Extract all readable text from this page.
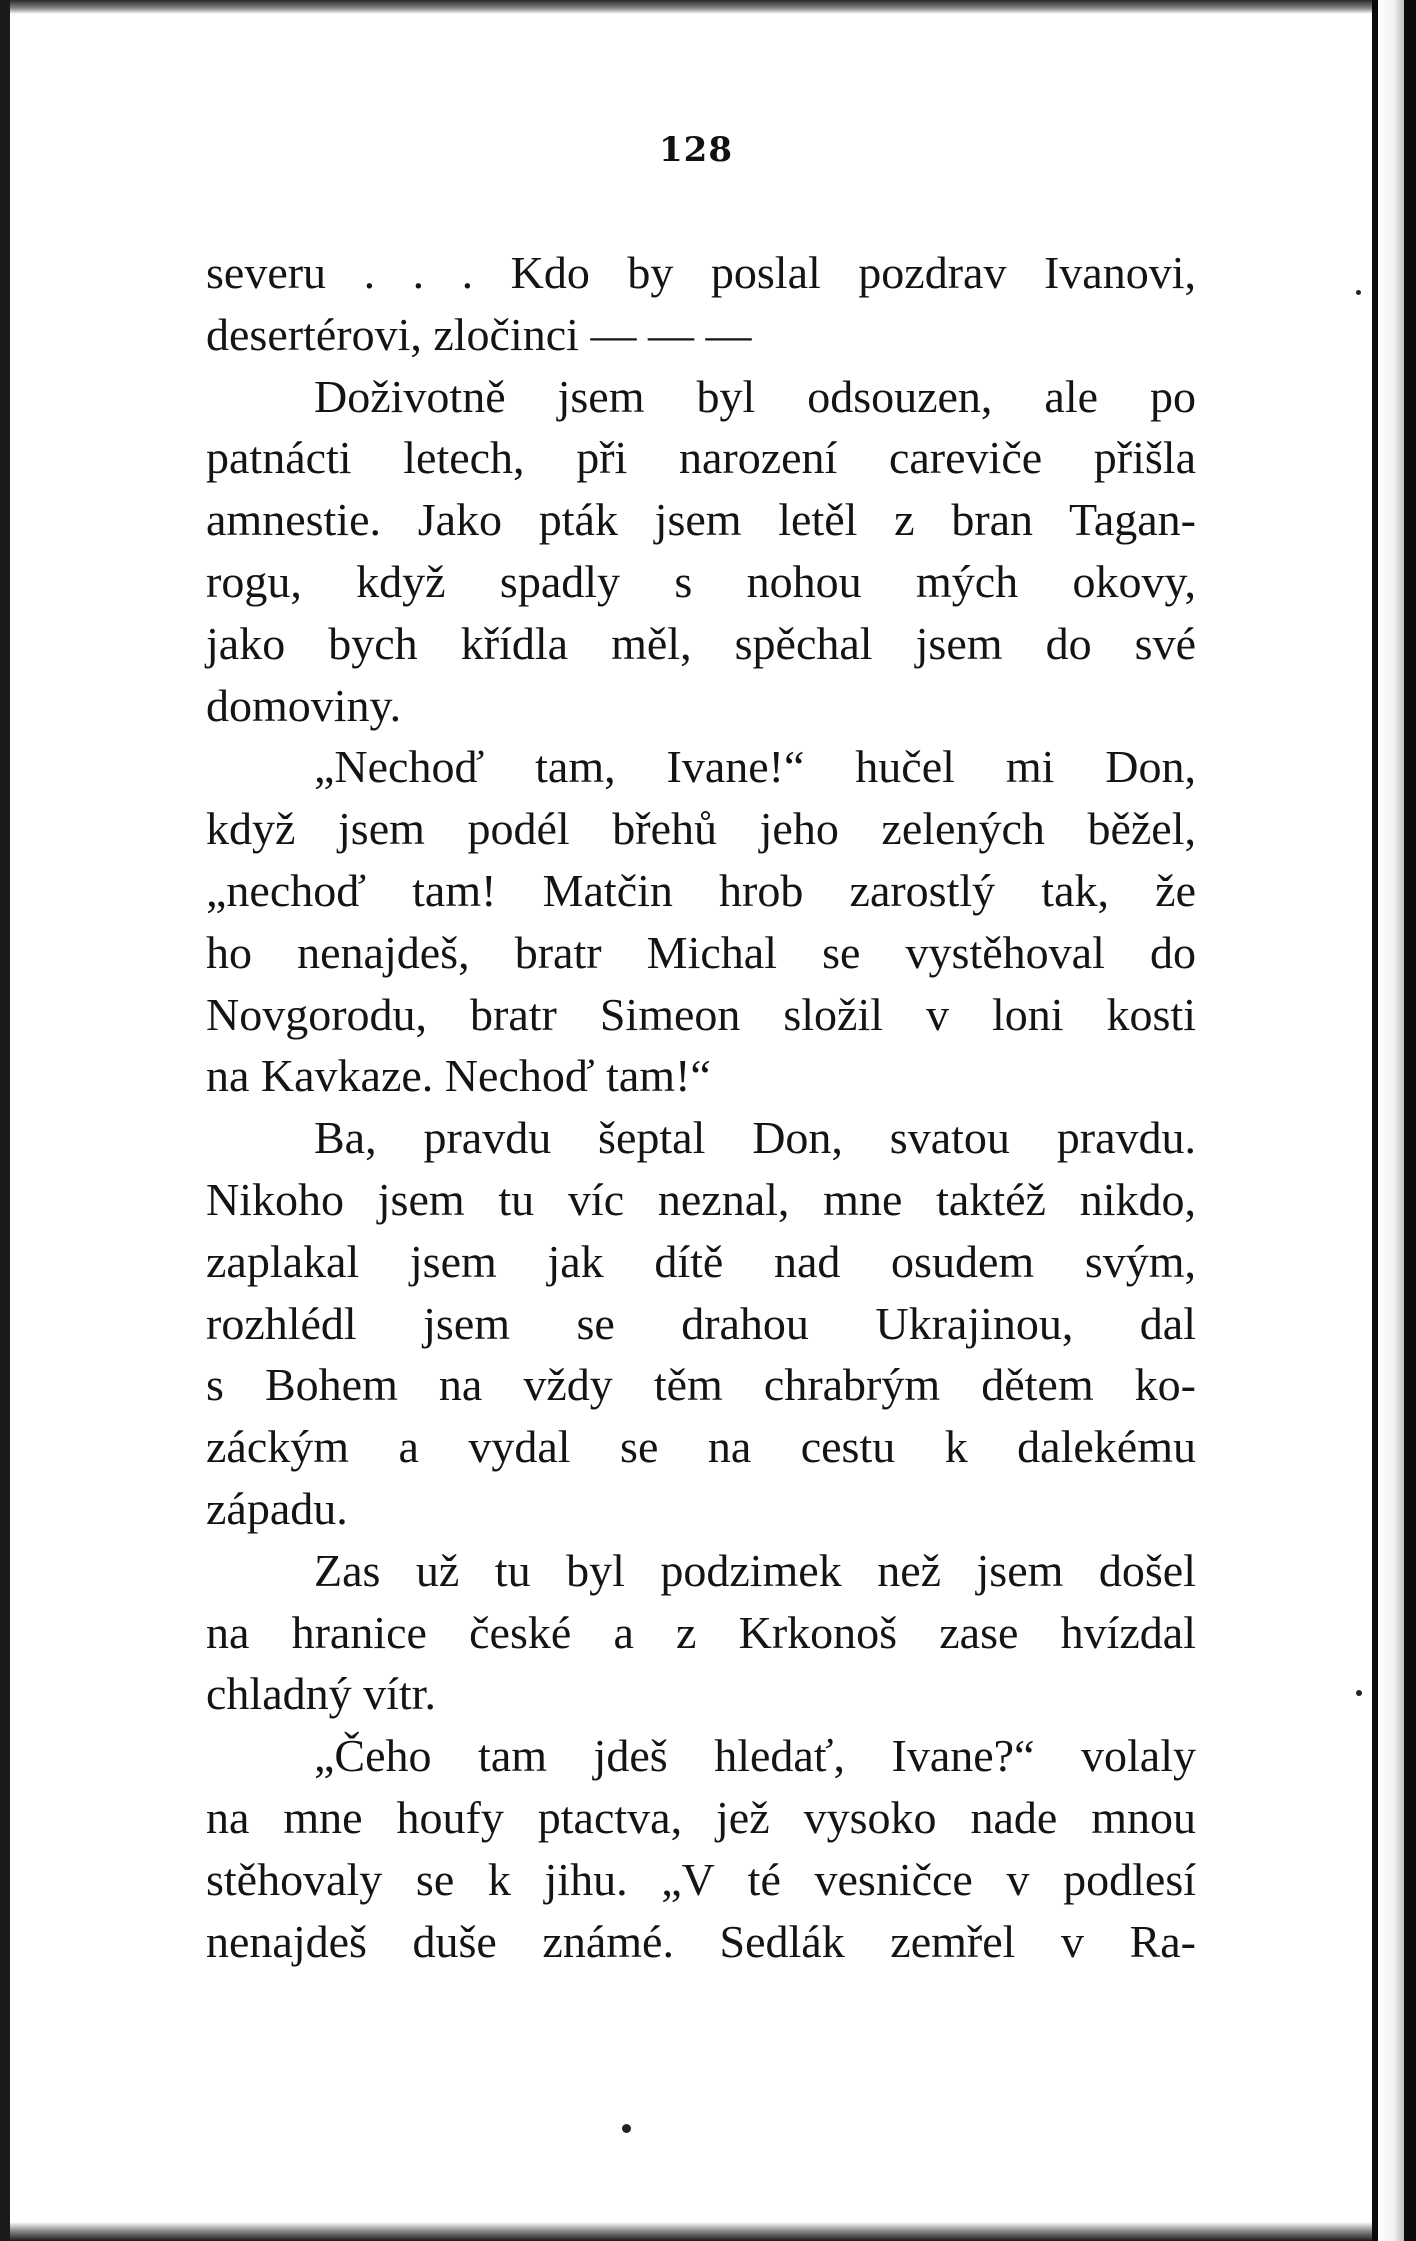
128
severu . . . Kdo by poslal pozdrav Ivanovi,
desertérovi, zločinci — — —
Doživotně jsem byl odsouzen, ale po
patnácti letech, při narození careviče přišla
amnestie. Jako pták jsem letěl z bran Tagan-
rogu, když spadly s nohou mých okovy,
jako bych křídla měl, spěchal jsem do své
domoviny.
„Nechoď tam, Ivane!“ hučel mi Don,
když jsem podél břehů jeho zelených běžel,
„nechoď tam! Matčin hrob zarostlý tak, že
ho nenajdeš, bratr Michal se vystěhoval do
Novgorodu, bratr Simeon složil v loni kosti
na Kavkaze. Nechoď tam!“
Ba, pravdu šeptal Don, svatou pravdu.
Nikoho jsem tu víc neznal, mne taktéž nikdo,
zaplakal jsem jak dítě nad osudem svým,
rozhlédl jsem se drahou Ukrajinou, dal
s Bohem na vždy těm chrabrým dětem ko-
záckým a vydal se na cestu k dalekému
západu.
Zas už tu byl podzimek než jsem došel
na hranice české a z Krkonoš zase hvízdal
chladný vítr.
„Čeho tam jdeš hledať, Ivane?“ volaly
na mne houfy ptactva, jež vysoko nade mnou
stěhovaly se k jihu. „V té vesničce v podlesí
nenajdeš duše známé. Sedlák zemřel v Ra-
